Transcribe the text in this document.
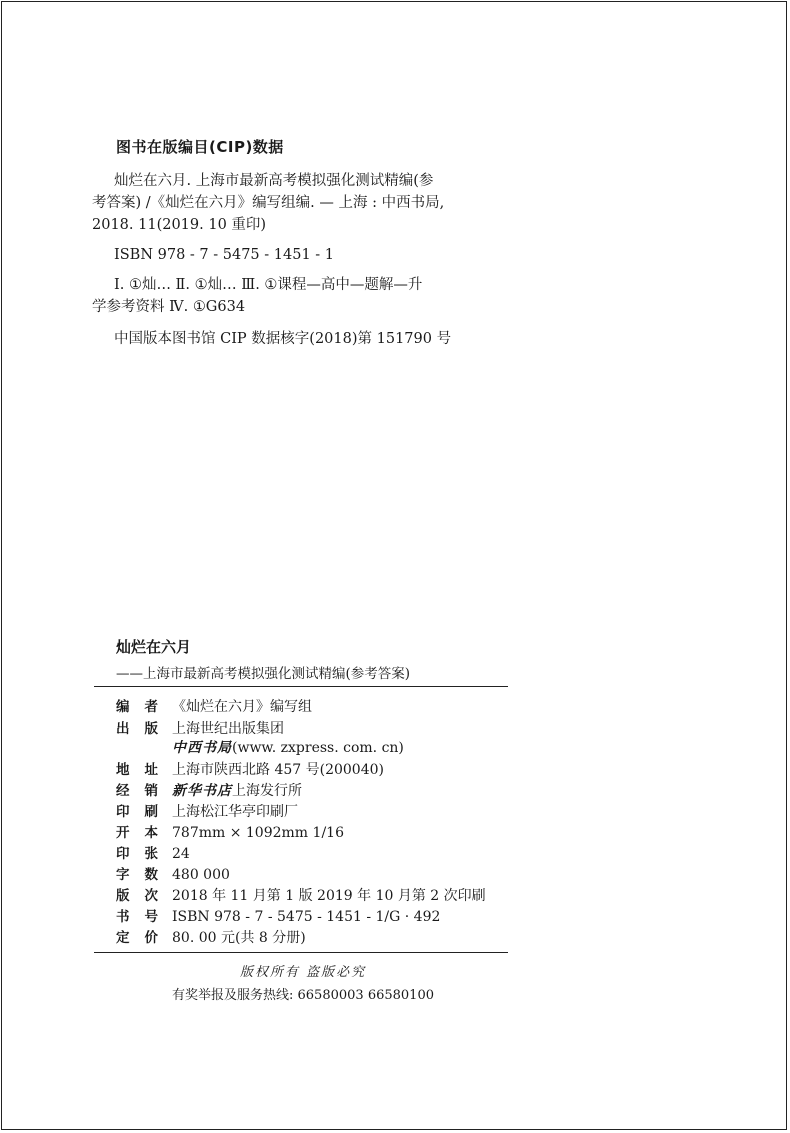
图书在版编目(CIP)数据
灿烂在六月. 上海市最新高考模拟强化测试精编(参
考答案) /《灿烂在六月》编写组编. — 上海 : 中西书局,
2018. 11(2019. 10 重印)
ISBN 978 - 7 - 5475 - 1451 - 1
Ⅰ. ①灿… Ⅱ. ①灿… Ⅲ. ①课程—高中—题解—升
学参考资料 Ⅳ. ①G634
中国版本图书馆 CIP 数据核字(2018)第 151790 号
灿烂在六月
——上海市最新高考模拟强化测试精编(参考答案)
编 者 《灿烂在六月》编写组
出 版 上海世纪出版集团
中西书局(www. zxpress. com. cn)
地 址 上海市陕西北路 457 号(200040)
经 销 新华书店上海发行所
印 刷 上海松江华亭印刷厂
开 本 787mm × 1092mm 1/16
印 张 24
字 数 480 000
版 次 2018 年 11 月第 1 版 2019 年 10 月第 2 次印刷
书 号 ISBN 978 - 7 - 5475 - 1451 - 1/G · 492
定 价 80. 00 元(共 8 分册)
版权所有 盗版必究
有奖举报及服务热线: 66580003 66580100
